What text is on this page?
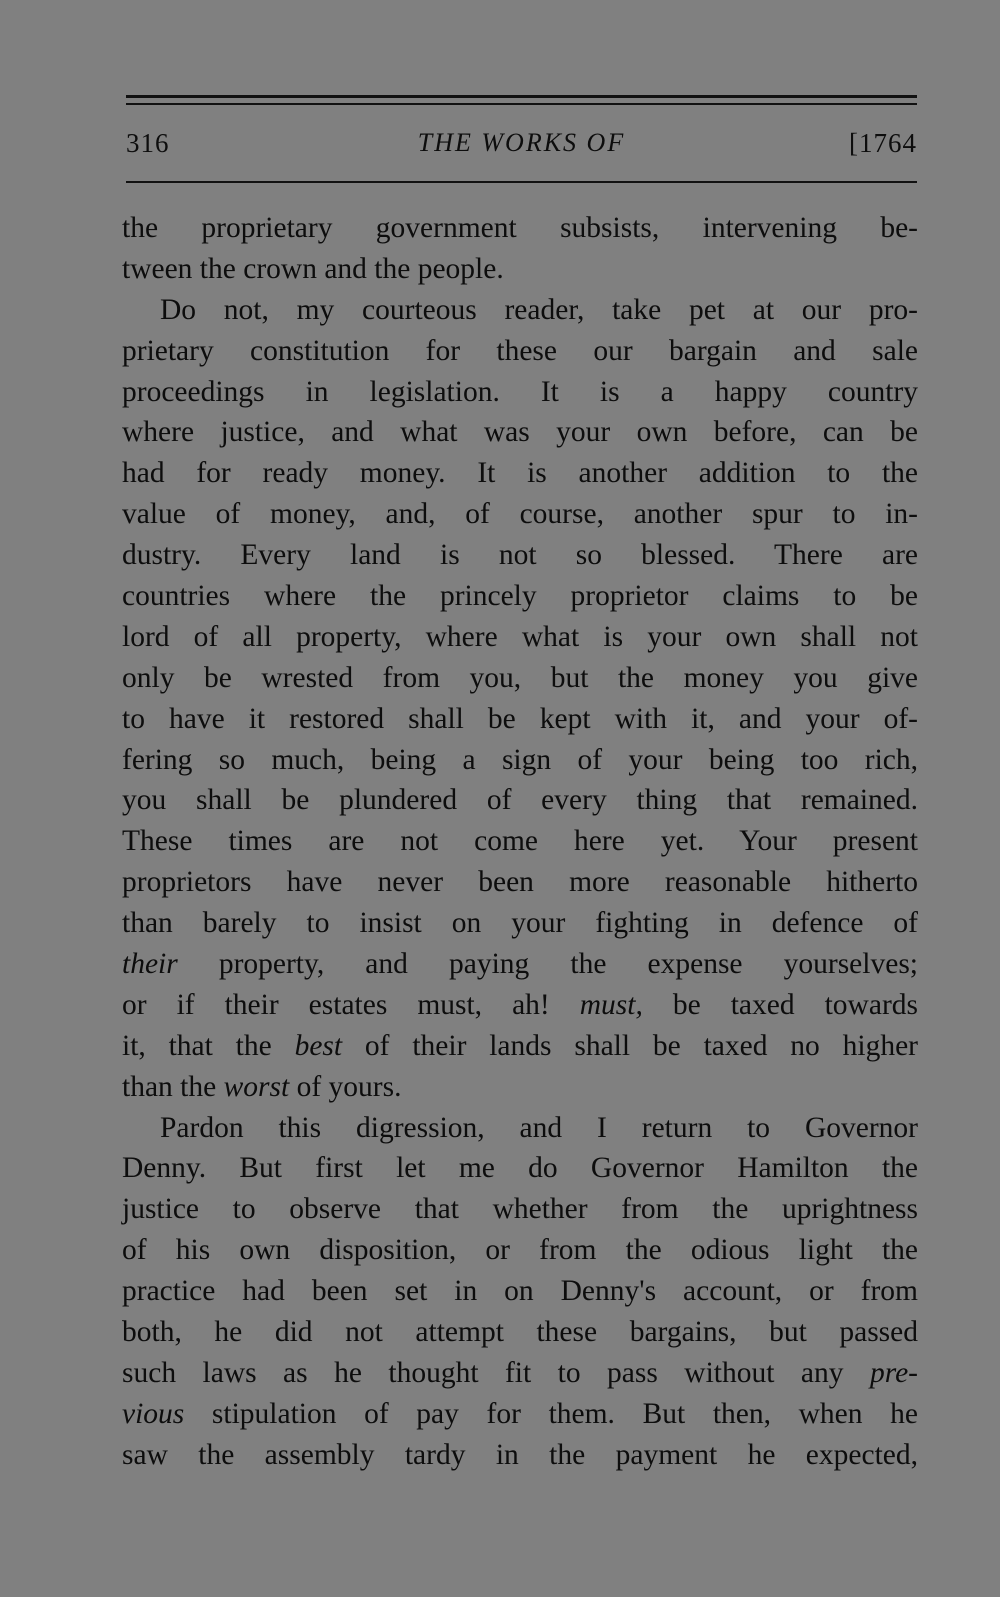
316	THE WORKS OF	[1764
the proprietary government subsists, intervening be-
tween the crown and the people.
Do not, my courteous reader, take pet at our pro-
prietary constitution for these our bargain and sale
proceedings in legislation. It is a happy country
where justice, and what was your own before, can be
had for ready money. It is another addition to the
value of money, and, of course, another spur to in-
dustry. Every land is not so blessed. There are
countries where the princely proprietor claims to be
lord of all property, where what is your own shall not
only be wrested from you, but the money you give
to have it restored shall be kept with it, and your of-
fering so much, being a sign of your being too rich,
you shall be plundered of every thing that remained.
These times are not come here yet. Your present
proprietors have never been more reasonable hitherto
than barely to insist on your fighting in defence of
their property, and paying the expense yourselves;
or if their estates must, ah! must, be taxed towards
it, that the best of their lands shall be taxed no higher
than the worst of yours.
Pardon this digression, and I return to Governor
Denny. But first let me do Governor Hamilton the
justice to observe that whether from the uprightness
of his own disposition, or from the odious light the
practice had been set in on Denny's account, or from
both, he did not attempt these bargains, but passed
such laws as he thought fit to pass without any pre-
vious stipulation of pay for them. But then, when he
saw the assembly tardy in the payment he expected,
